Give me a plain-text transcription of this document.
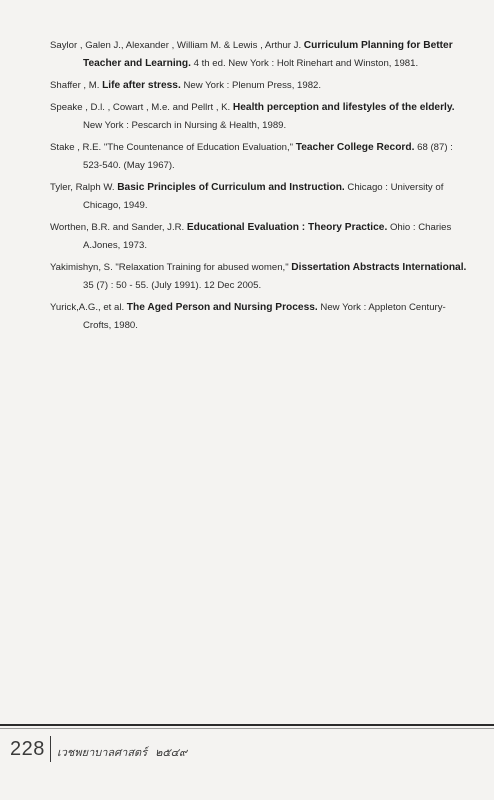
Saylor , Galen J., Alexander , William M. & Lewis , Arthur J. Curriculum Planning for Better
Teacher and Learning. 4 th ed. New York : Holt Rinehart and Winston, 1981.
Shaffer , M. Life after stress. New York : Plenum Press, 1982.
Speake , D.l. , Cowart , M.e. and Pellrt , K. Health perception and lifestyles of the elderly.
New York : Pescarch in Nursing & Health, 1989.
Stake , R.E. "The Countenance of Education Evaluation," Teacher College Record. 68 (87) :
523-540. (May 1967).
Tyler, Ralph W. Basic Principles of Curriculum and Instruction. Chicago : University of
Chicago, 1949.
Worthen, B.R. and Sander, J.R. Educational Evaluation : Theory Practice. Ohio : Charies
A.Jones, 1973.
Yakimishyn, S. "Relaxation Training for abused women," Dissertation Abstracts International.
35 (7) : 50 - 55. (July 1991). 12 Dec 2005.
Yurick,A.G., et al. The Aged Person and Nursing Process. New York : Appleton Century-
Crofts, 1980.
228 เวชพยาบาลศาสตร์ ๒๕๔๙
